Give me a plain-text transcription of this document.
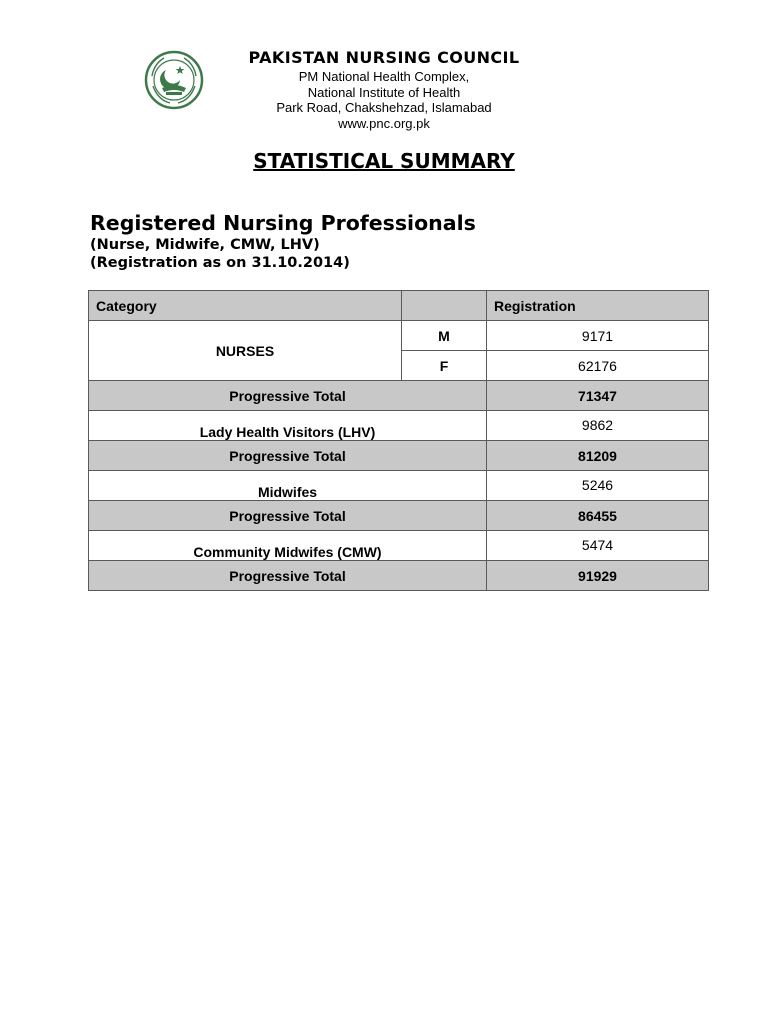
PAKISTAN NURSING COUNCIL
PM National Health Complex,
National Institute of Health
Park Road, Chakshehzad, Islamabad
www.pnc.org.pk
STATISTICAL SUMMARY
Registered Nursing Professionals
(Nurse, Midwife, CMW, LHV)
(Registration as on 31.10.2014)
Category		Registration
NURSES	M	9171
	F	62176
Progressive Total		71347
Lady Health Visitors (LHV)		9862
Progressive Total		81209
Midwifes		5246
Progressive Total		86455
Community Midwifes (CMW)		5474
Progressive Total		91929
